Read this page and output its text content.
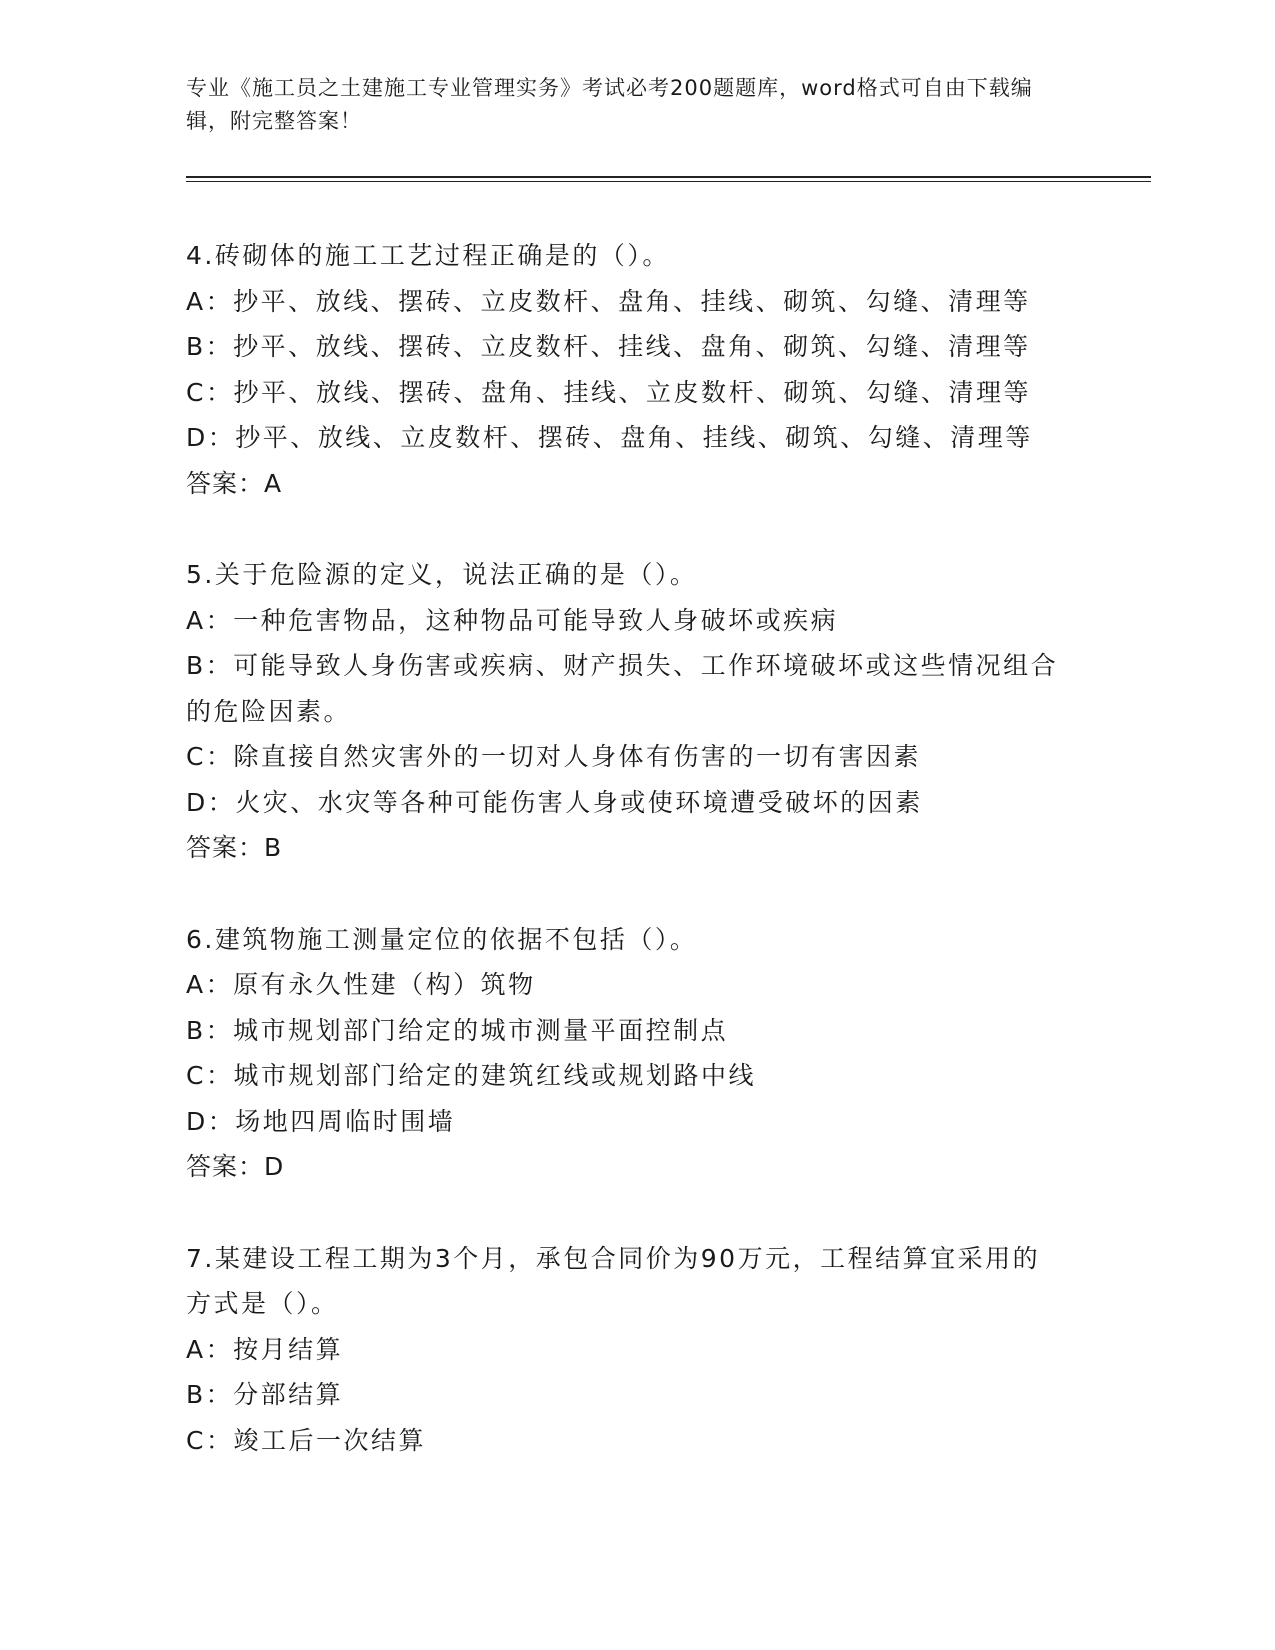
专业《施工员之土建施工专业管理实务》考试必考200题题库，word格式可自由下载编辑，附完整答案！
4.砖砌体的施工工艺过程正确是的（）。
A：抄平、放线、摆砖、立皮数杆、盘角、挂线、砌筑、勾缝、清理等
B：抄平、放线、摆砖、立皮数杆、挂线、盘角、砌筑、勾缝、清理等
C：抄平、放线、摆砖、盘角、挂线、立皮数杆、砌筑、勾缝、清理等
D：抄平、放线、立皮数杆、摆砖、盘角、挂线、砌筑、勾缝、清理等
答案：A
5.关于危险源的定义，说法正确的是（）。
A：一种危害物品，这种物品可能导致人身破坏或疾病
B：可能导致人身伤害或疾病、财产损失、工作环境破坏或这些情况组合的危险因素。
C：除直接自然灾害外的一切对人身体有伤害的一切有害因素
D：火灾、水灾等各种可能伤害人身或使环境遭受破坏的因素
答案：B
6.建筑物施工测量定位的依据不包括（）。
A：原有永久性建（构）筑物
B：城市规划部门给定的城市测量平面控制点
C：城市规划部门给定的建筑红线或规划路中线
D：场地四周临时围墙
答案：D
7.某建设工程工期为3个月，承包合同价为90万元，工程结算宜采用的方式是（）。
A：按月结算
B：分部结算
C：竣工后一次结算
